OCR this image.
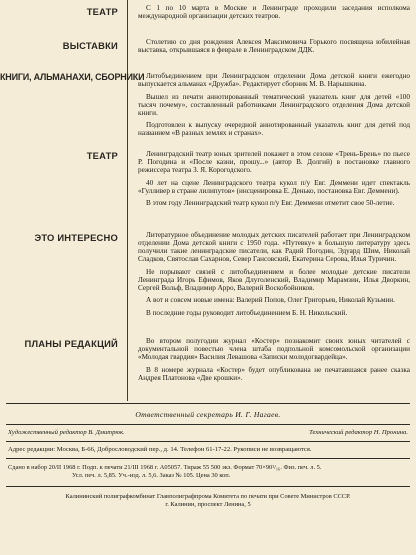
ТЕАТР	С 1 по 10 марта в Москве и Ленинграде проходили заседания исполкома международной организации детских театров.

ВЫСТАВКИ	Столетию со дня рождения Алексея Максимовича Горького посвящена юбилейная выставка, открывшаяся в феврале в Ленинградском ДДК.

КНИГИ, АЛЬМАНАХИ, СБОРНИКИ Литобъединением при Ленинградском отделении Дома детской книги ежегодно выпускается альманах «Дружба». Редактирует сборник М. В. Нарышкина.

Вышел из печати аннотированный тематический указатель книг для детей «100 тысяч почему», составленный работниками Ленинградского отделения Дома детской книги.

Подготовлен к выпуску очередной аннотированный указатель книг для детей под названием «В разных землях и странах».

ТЕАТР	Ленинградский театр юных зрителей покажет в этом сезоне «Трень-Брень» по пьесе Р. Погодина и «После казни, прошу...» (автор В. Долгий) в постановке главного режиссера театра З. Я. Корогодского.

40 лет на сцене Ленинградского театра кукол п/у Евг. Деммени идет спектакль «Гулливер в стране лилипутов» (инсценировка Е. Денько, постановка Евг. Деммени).

В этом году Ленинградский театр кукол п/у Евг. Деммени отметит свое 50-летие.

ЭТО ИНТЕРЕСНО	Литературное объединение молодых детских писателей работает при Ленинградском отделении Дома детской книги с 1950 года. «Путевку» в большую литературу здесь получили такие ленинградские писатели, как Радий Погодин, Эдуард Шим, Николай Сладков, Святослав Сахарнов, Север Гансовский, Екатерина Серова, Илья Туричин.

Не порывают связей с литобъединением и более молодые детские писатели Ленинграда Игорь Ефимов, Яков Длуголенский, Владимир Марамзин, Илья Дворкин, Сергей Вольф, Владимир Арро, Валерий Воскобойников.

А вот и совсем новые имена: Валерий Попов, Олег Григорьев, Николай Кузьмин.

В последние годы руководит литобъединением Б. Н. Никольский.

ПЛАНЫ РЕДАКЦИЙ	Во втором полугодии журнал «Костер» познакомит своих юных читателей с документальной повестью члена штаба подпольной комсомольской организации «Молодая гвардия» Василия Левашова «Записки молодогвардейца».

В 8 номере журнала «Костер» будет опубликована не печатавшаяся ранее сказка Андрея Платонова «Две крошки».

Ответственный секретарь И. Г. Нагаев.
Художественный редактор В. Дмитрюк.	Технический редактор Н. Пронина.
Адрес редакции: Москва, Б-66, Добрословодский пер., д. 14. Телефон 61-17-22. Рукописи не возвращаются.
Сдано в набор 20/II 1968 г. Подп. к печати 21/III 1968 г. А05057. Тираж 55 500 экз. Формат 70×90¹/₁₆. Физ. печ. л. 5.
Усл. печ. л. 5,85. Уч.-изд. л. 5,6. Заказ № 105. Цена 30 коп.
Калининский полиграфкомбинат Главполиграфпрома Комитета по печати при Совете Министров СССР.
г. Калинин, проспект Ленина, 5
